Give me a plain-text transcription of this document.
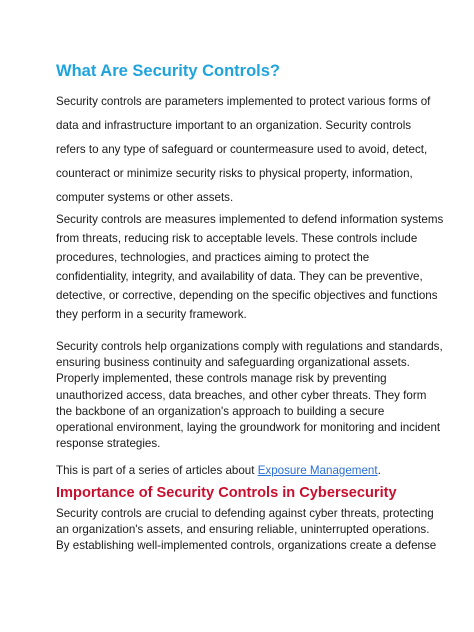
What Are Security Controls?

Security controls are parameters implemented to protect various forms of
data and infrastructure important to an organization. Security controls
refers to any type of safeguard or countermeasure used to avoid, detect,
counteract or minimize security risks to physical property, information,
computer systems or other assets.

Security controls are measures implemented to defend information systems
from threats, reducing risk to acceptable levels. These controls include
procedures, technologies, and practices aiming to protect the
confidentiality, integrity, and availability of data. They can be preventive,
detective, or corrective, depending on the specific objectives and functions
they perform in a security framework.

Security controls help organizations comply with regulations and standards,
ensuring business continuity and safeguarding organizational assets.
Properly implemented, these controls manage risk by preventing
unauthorized access, data breaches, and other cyber threats. They form
the backbone of an organization's approach to building a secure
operational environment, laying the groundwork for monitoring and incident
response strategies.

This is part of a series of articles about Exposure Management.

Importance of Security Controls in Cybersecurity

Security controls are crucial to defending against cyber threats, protecting
an organization's assets, and ensuring reliable, uninterrupted operations.
By establishing well-implemented controls, organizations create a defense
